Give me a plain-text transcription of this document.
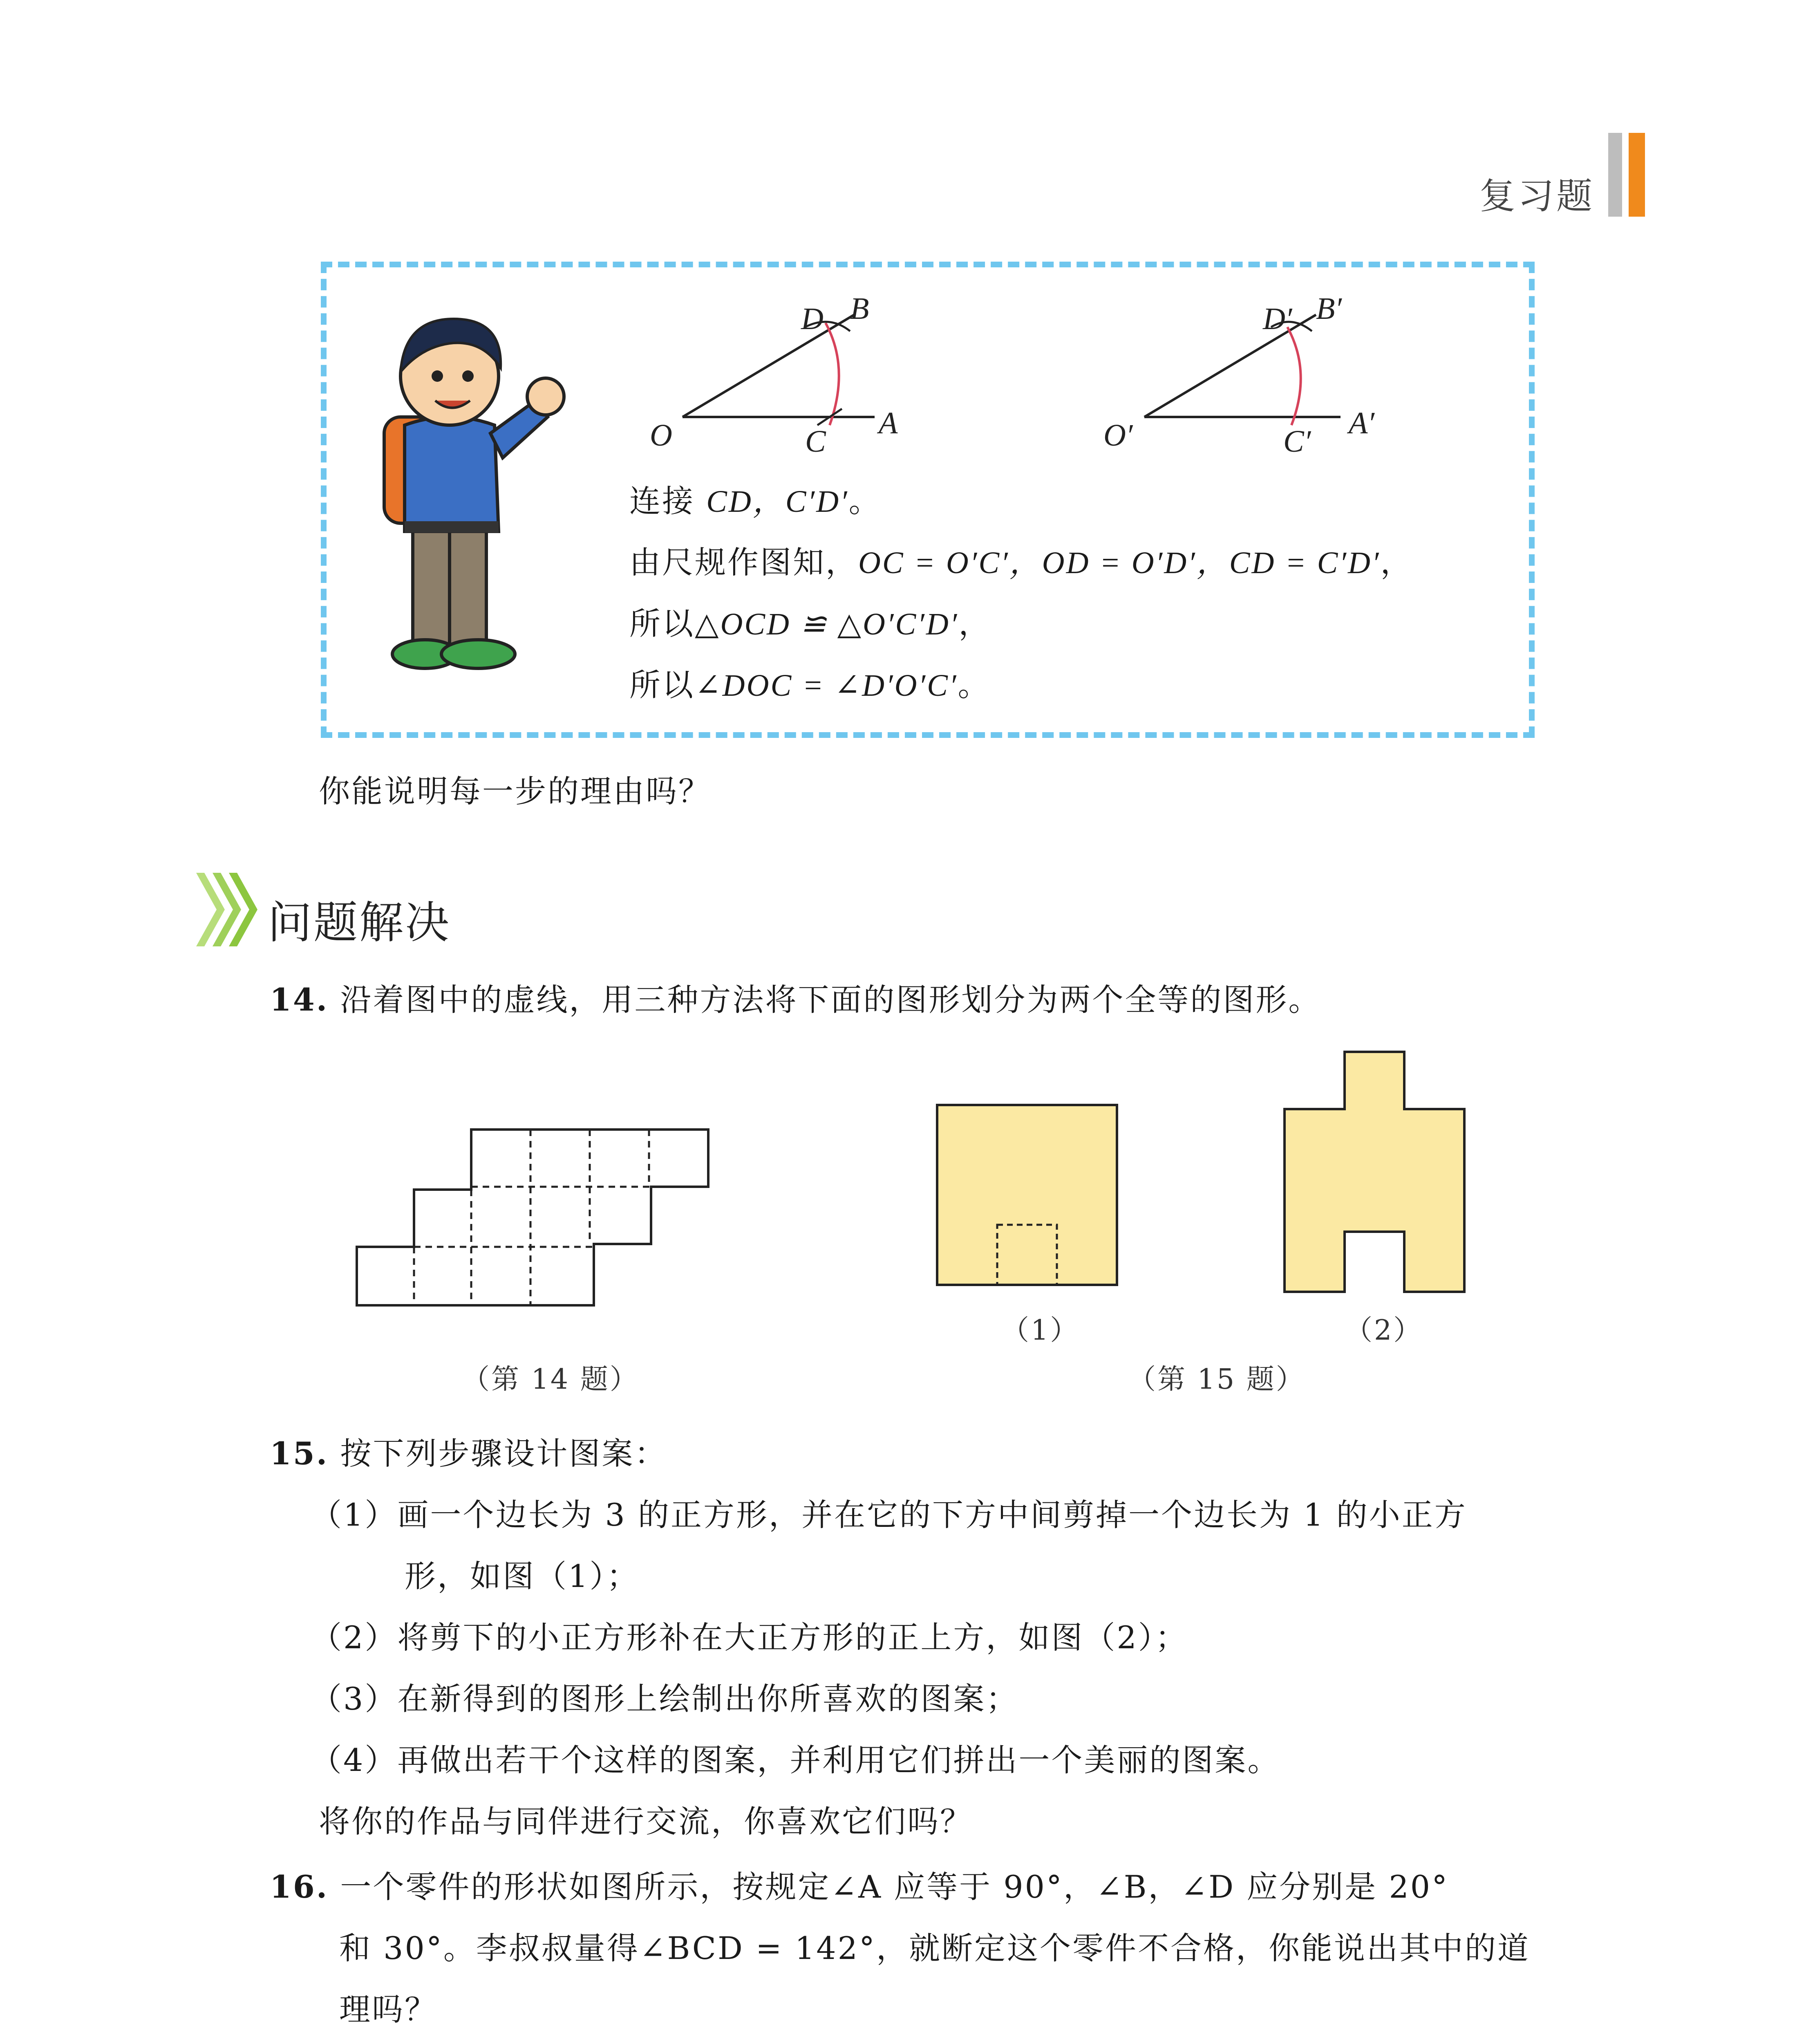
复习题
O	C
A
D B
O′	C′
A′
D′ B′
连接 CD，C′D′。
由尺规作图知，OC = O′C′，OD = O′D′，CD = C′D′，
所以△OCD ≌ △O′C′D′，
所以∠DOC = ∠D′O′C′。
你能说明每一步的理由吗？
问题解决
14. 沿着图中的虚线，用三种方法将下面的图形划分为两个全等的图形。
（第 14 题）
（1）	（2）
（第 15 题）
15. 按下列步骤设计图案：
（1）画一个边长为 3 的正方形，并在它的下方中间剪掉一个边长为 1 的小正方
形，如图（1）；
（2）将剪下的小正方形补在大正方形的正上方，如图（2）；
（3）在新得到的图形上绘制出你所喜欢的图案；
（4）再做出若干个这样的图案，并利用它们拼出一个美丽的图案。
将你的作品与同伴进行交流，你喜欢它们吗？
16. 一个零件的形状如图所示，按规定∠A 应等于 90°，∠B，∠D 应分别是 20°
和 30°。李叔叔量得∠BCD = 142°，就断定这个零件不合格，你能说出其中的道
理吗？
